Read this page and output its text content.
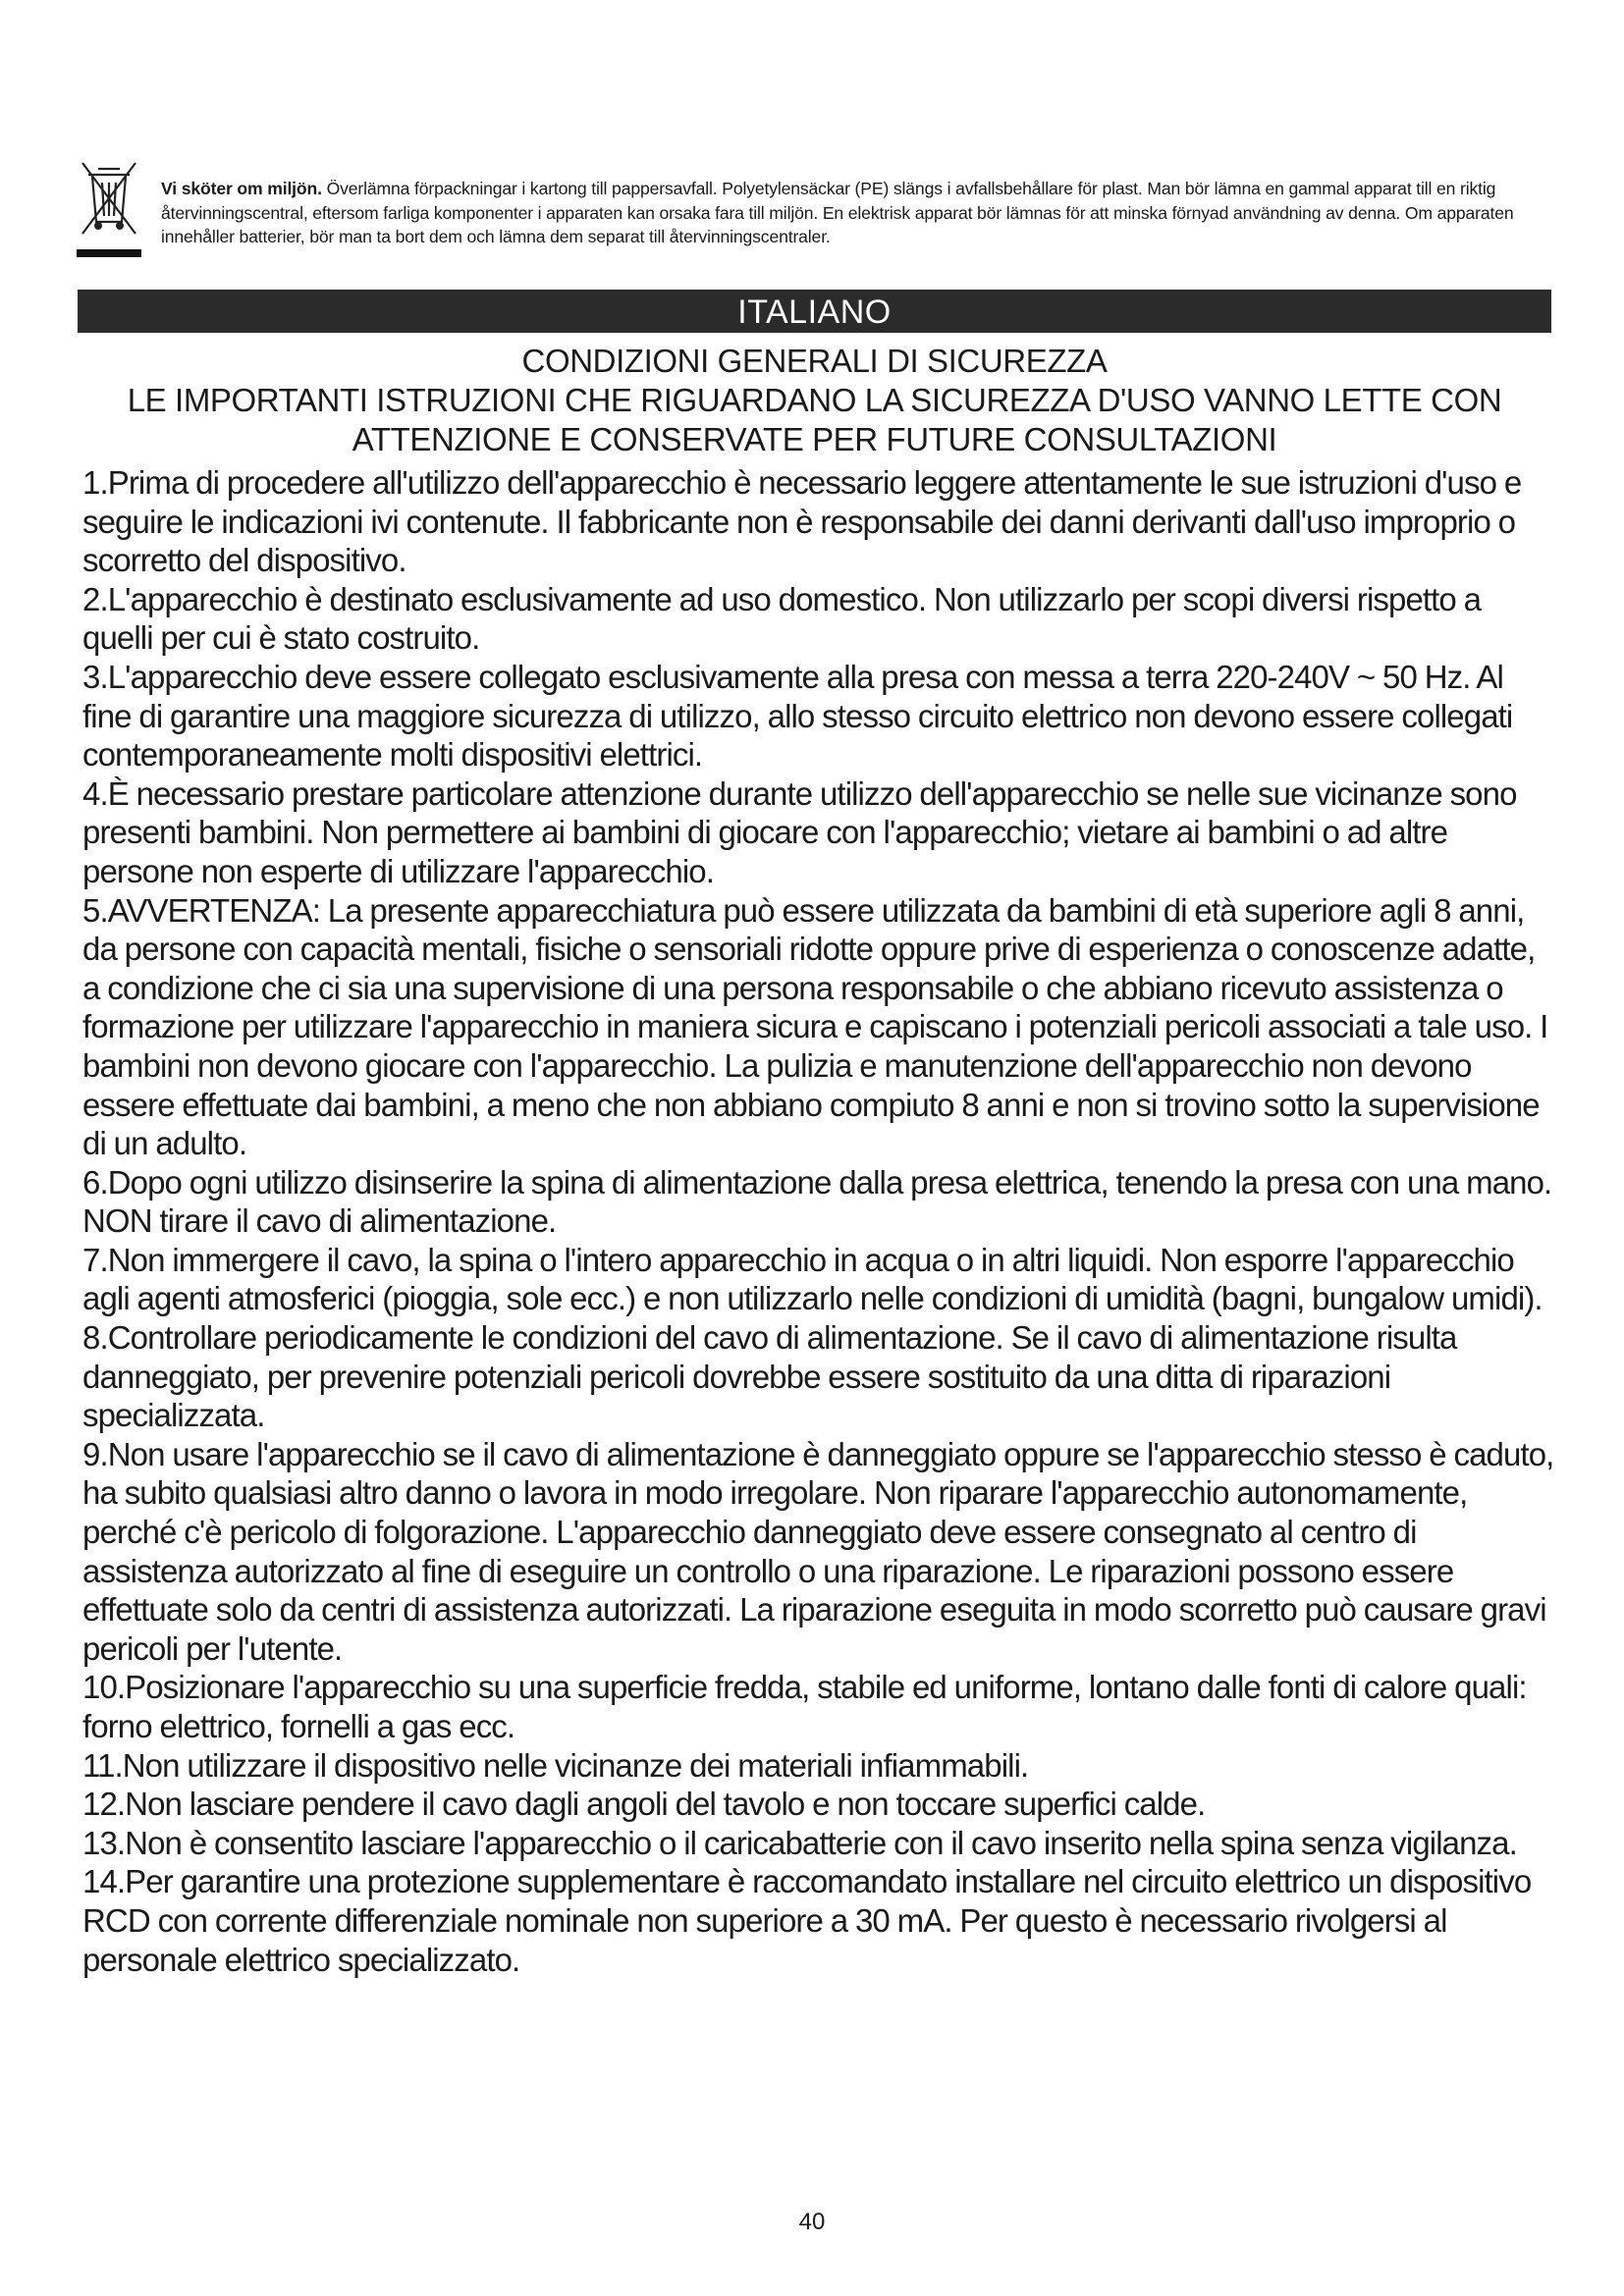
Vi sköter om miljön. Överlämna förpackningar i kartong till pappersavfall. Polyetylensäckar (PE) slängs i avfallsbehållare för plast. Man bör lämna en gammal apparat till en riktig återvinningscentral, eftersom farliga komponenter i apparaten kan orsaka fara till miljön. En elektrisk apparat bör lämnas för att minska förnyad användning av denna. Om apparaten innehåller batterier, bör man ta bort dem och lämna dem separat till återvinningscentraler.
ITALIANO
CONDIZIONI GENERALI DI SICUREZZA
LE IMPORTANTI ISTRUZIONI CHE RIGUARDANO LA SICUREZZA D'USO VANNO LETTE CON ATTENZIONE E CONSERVATE PER FUTURE CONSULTAZIONI

1.Prima di procedere all'utilizzo dell'apparecchio è necessario leggere attentamente le sue istruzioni d'uso e seguire le indicazioni ivi contenute. Il fabbricante non è responsabile dei danni derivanti dall'uso improprio o scorretto del dispositivo.

2.L'apparecchio è destinato esclusivamente ad uso domestico. Non utilizzarlo per scopi diversi rispetto a quelli per cui è stato costruito.

3.L'apparecchio deve essere collegato esclusivamente alla presa con messa a terra 220-240V ~ 50 Hz. Al fine di garantire una maggiore sicurezza di utilizzo, allo stesso circuito elettrico non devono essere collegati contemporaneamente molti dispositivi elettrici.

4.È necessario prestare particolare attenzione durante utilizzo dell'apparecchio se nelle sue vicinanze sono presenti bambini. Non permettere ai bambini di giocare con l'apparecchio; vietare ai bambini o ad altre persone non esperte di utilizzare l'apparecchio.

5.AVVERTENZA: La presente apparecchiatura può essere utilizzata da bambini di età superiore agli 8 anni, da persone con capacità mentali, fisiche o sensoriali ridotte oppure prive di esperienza o conoscenze adatte, a condizione che ci sia una supervisione di una persona responsabile o che abbiano ricevuto assistenza o formazione per utilizzare l'apparecchio in maniera sicura e capiscano i potenziali pericoli associati a tale uso. I bambini non devono giocare con l'apparecchio. La pulizia e manutenzione dell'apparecchio non devono essere effettuate dai bambini, a meno che non abbiano compiuto 8 anni e non si trovino sotto la supervisione di un adulto.

6.Dopo ogni utilizzo disinserire la spina di alimentazione dalla presa elettrica, tenendo la presa con una mano. NON tirare il cavo di alimentazione.

7.Non immergere il cavo, la spina o l'intero apparecchio in acqua o in altri liquidi. Non esporre l'apparecchio agli agenti atmosferici (pioggia, sole ecc.) e non utilizzarlo nelle condizioni di umidità (bagni, bungalow umidi).

8.Controllare periodicamente le condizioni del cavo di alimentazione. Se il cavo di alimentazione risulta danneggiato, per prevenire potenziali pericoli dovrebbe essere sostituito da una ditta di riparazioni specializzata.

9.Non usare l'apparecchio se il cavo di alimentazione è danneggiato oppure se l'apparecchio stesso è caduto, ha subito qualsiasi altro danno o lavora in modo irregolare. Non riparare l'apparecchio autonomamente, perché c'è pericolo di folgorazione. L'apparecchio danneggiato deve essere consegnato al centro di assistenza autorizzato al fine di eseguire un controllo o una riparazione. Le riparazioni possono essere effettuate solo da centri di assistenza autorizzati. La riparazione eseguita in modo scorretto può causare gravi pericoli per l'utente.

10.Posizionare l'apparecchio su una superficie fredda, stabile ed uniforme, lontano dalle fonti di calore quali: forno elettrico, fornelli a gas ecc.

11.Non utilizzare il dispositivo nelle vicinanze dei materiali infiammabili.

12.Non lasciare pendere il cavo dagli angoli del tavolo e non toccare superfici calde.

13.Non è consentito lasciare l'apparecchio o il caricabatterie con il cavo inserito nella spina senza vigilanza.

14.Per garantire una protezione supplementare è raccomandato installare nel circuito elettrico un dispositivo RCD con corrente differenziale nominale non superiore a 30 mA. Per questo è necessario rivolgersi al personale elettrico specializzato.

40
